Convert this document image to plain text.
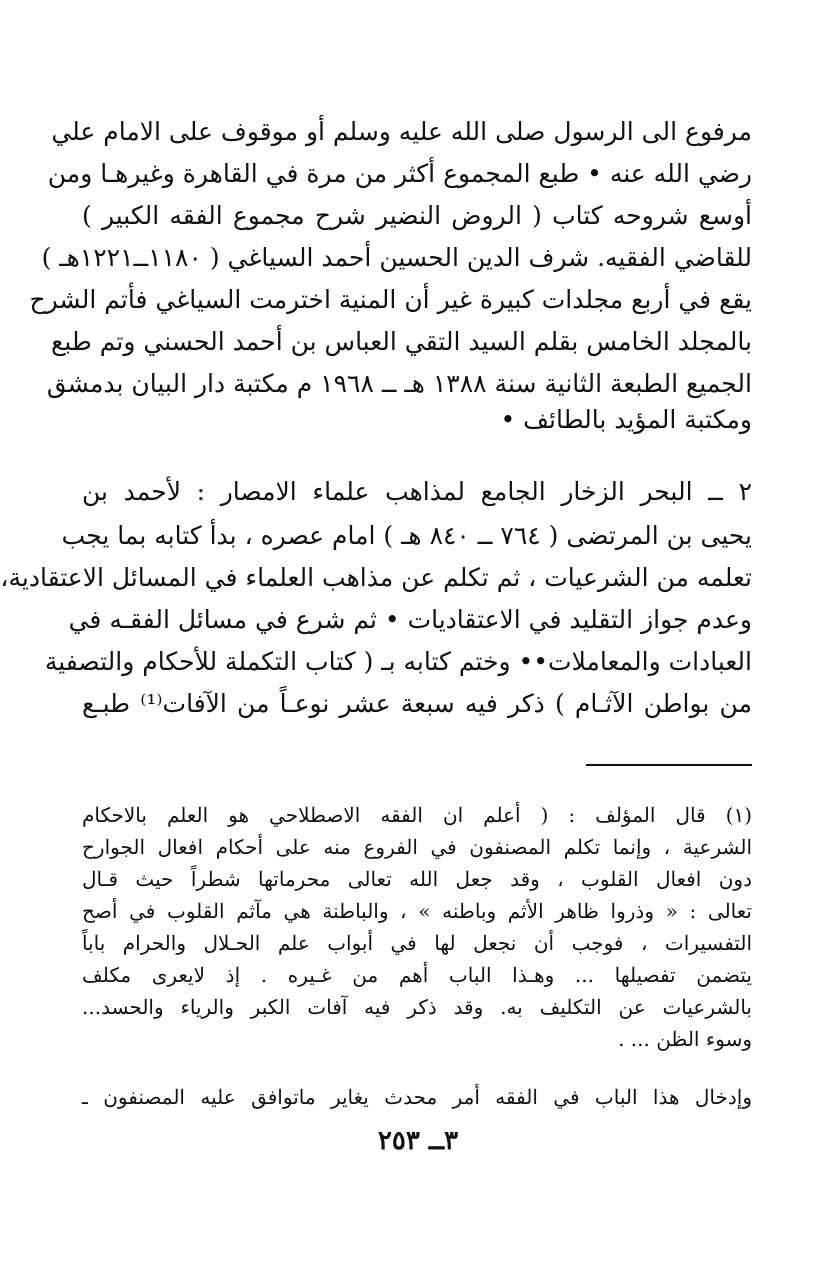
مرفوع الى الرسول صلى الله عليه وسلم أو موقوف على الامام علي
رضي الله عنه • طبع المجموع أكثر من مرة في القاهرة وغيرهـا ومن
أوسع شروحه كتاب ( الروض النضير شرح مجموع الفقه الكبير )
للقاضي الفقيه. شرف الدين الحسين أحمد السياغي ( ١١٨٠ــ١٢٢١هـ )
يقع في أربع مجلدات كبيرة غير أن المنية اخترمت السياغي فأتم الشرح
بالمجلد الخامس بقلم السيد التقي العباس بن أحمد الحسني وتم طبع
الجميع الطبعة الثانية سنة ١٣٨٨ هـ ــ ١٩٦٨ م مكتبة دار البيان بدمشق
ومكتبة المؤيد بالطائف •
٢ ــ البحر الزخار الجامع لمذاهب علماء الامصار : لأحمد بن
يحيى بن المرتضى ( ٧٦٤ ــ ٨٤٠ هـ ) امام عصره ، بدأ كتابه بما يجب
تعلمه من الشرعيات ، ثم تكلم عن مذاهب العلماء في المسائل الاعتقادية،
وعدم جواز التقليد في الاعتقاديات • ثم شرع في مسائل الفقـه في
العبادات والمعاملات•• وختم كتابه بـ ( كتاب التكملة للأحكام والتصفية
من بواطن الآثـام ) ذكر فيه سبعة عشر نوعـاً من الآفات⁽¹⁾ طبـع
(١) قال المؤلف : ( أعلم ان الفقه الاصطلاحي هو العلم بالاحكام
الشرعية ، وإنما تكلم المصنفون في الفروع منه على أحكام افعال الجوارح
دون افعال القلوب ، وقد جعل الله تعالى محرماتها شطراً حيث قـال
تعالى : « وذروا ظاهر الأثم وباطنه » ، والباطنة هي مآثم القلوب في أصح
التفسيرات ، فوجب أن نجعل لها في أبواب علم الحـلال والحرام باباً
يتضمن تفصيلها ... وهـذا الباب أهم من غـيره . إذ لايعرى مكلف
بالشرعيات عن التكليف به. وقد ذكر فيه آفات الكبر والرياء والحسد...
وسوء الظن ... .
وإدخال هذا الباب في الفقه أمر محدث يغاير ماتوافق عليه المصنفون ـ
٣ــ ٢٥٣
